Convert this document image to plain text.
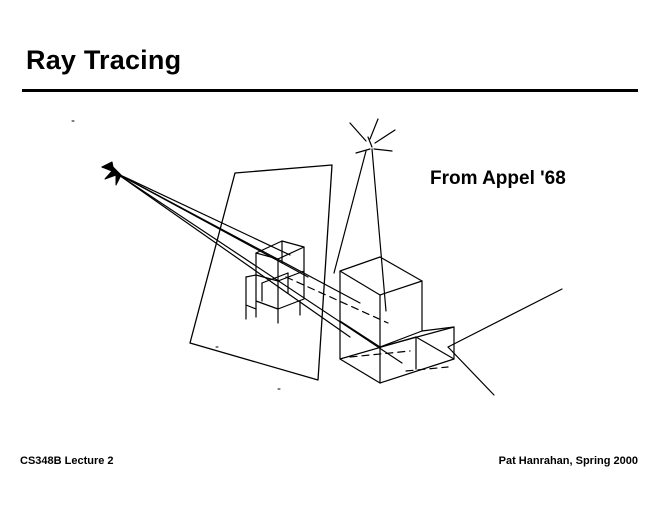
Ray Tracing
From Appel '68
CS348B Lecture 2	Pat Hanrahan, Spring 2000
